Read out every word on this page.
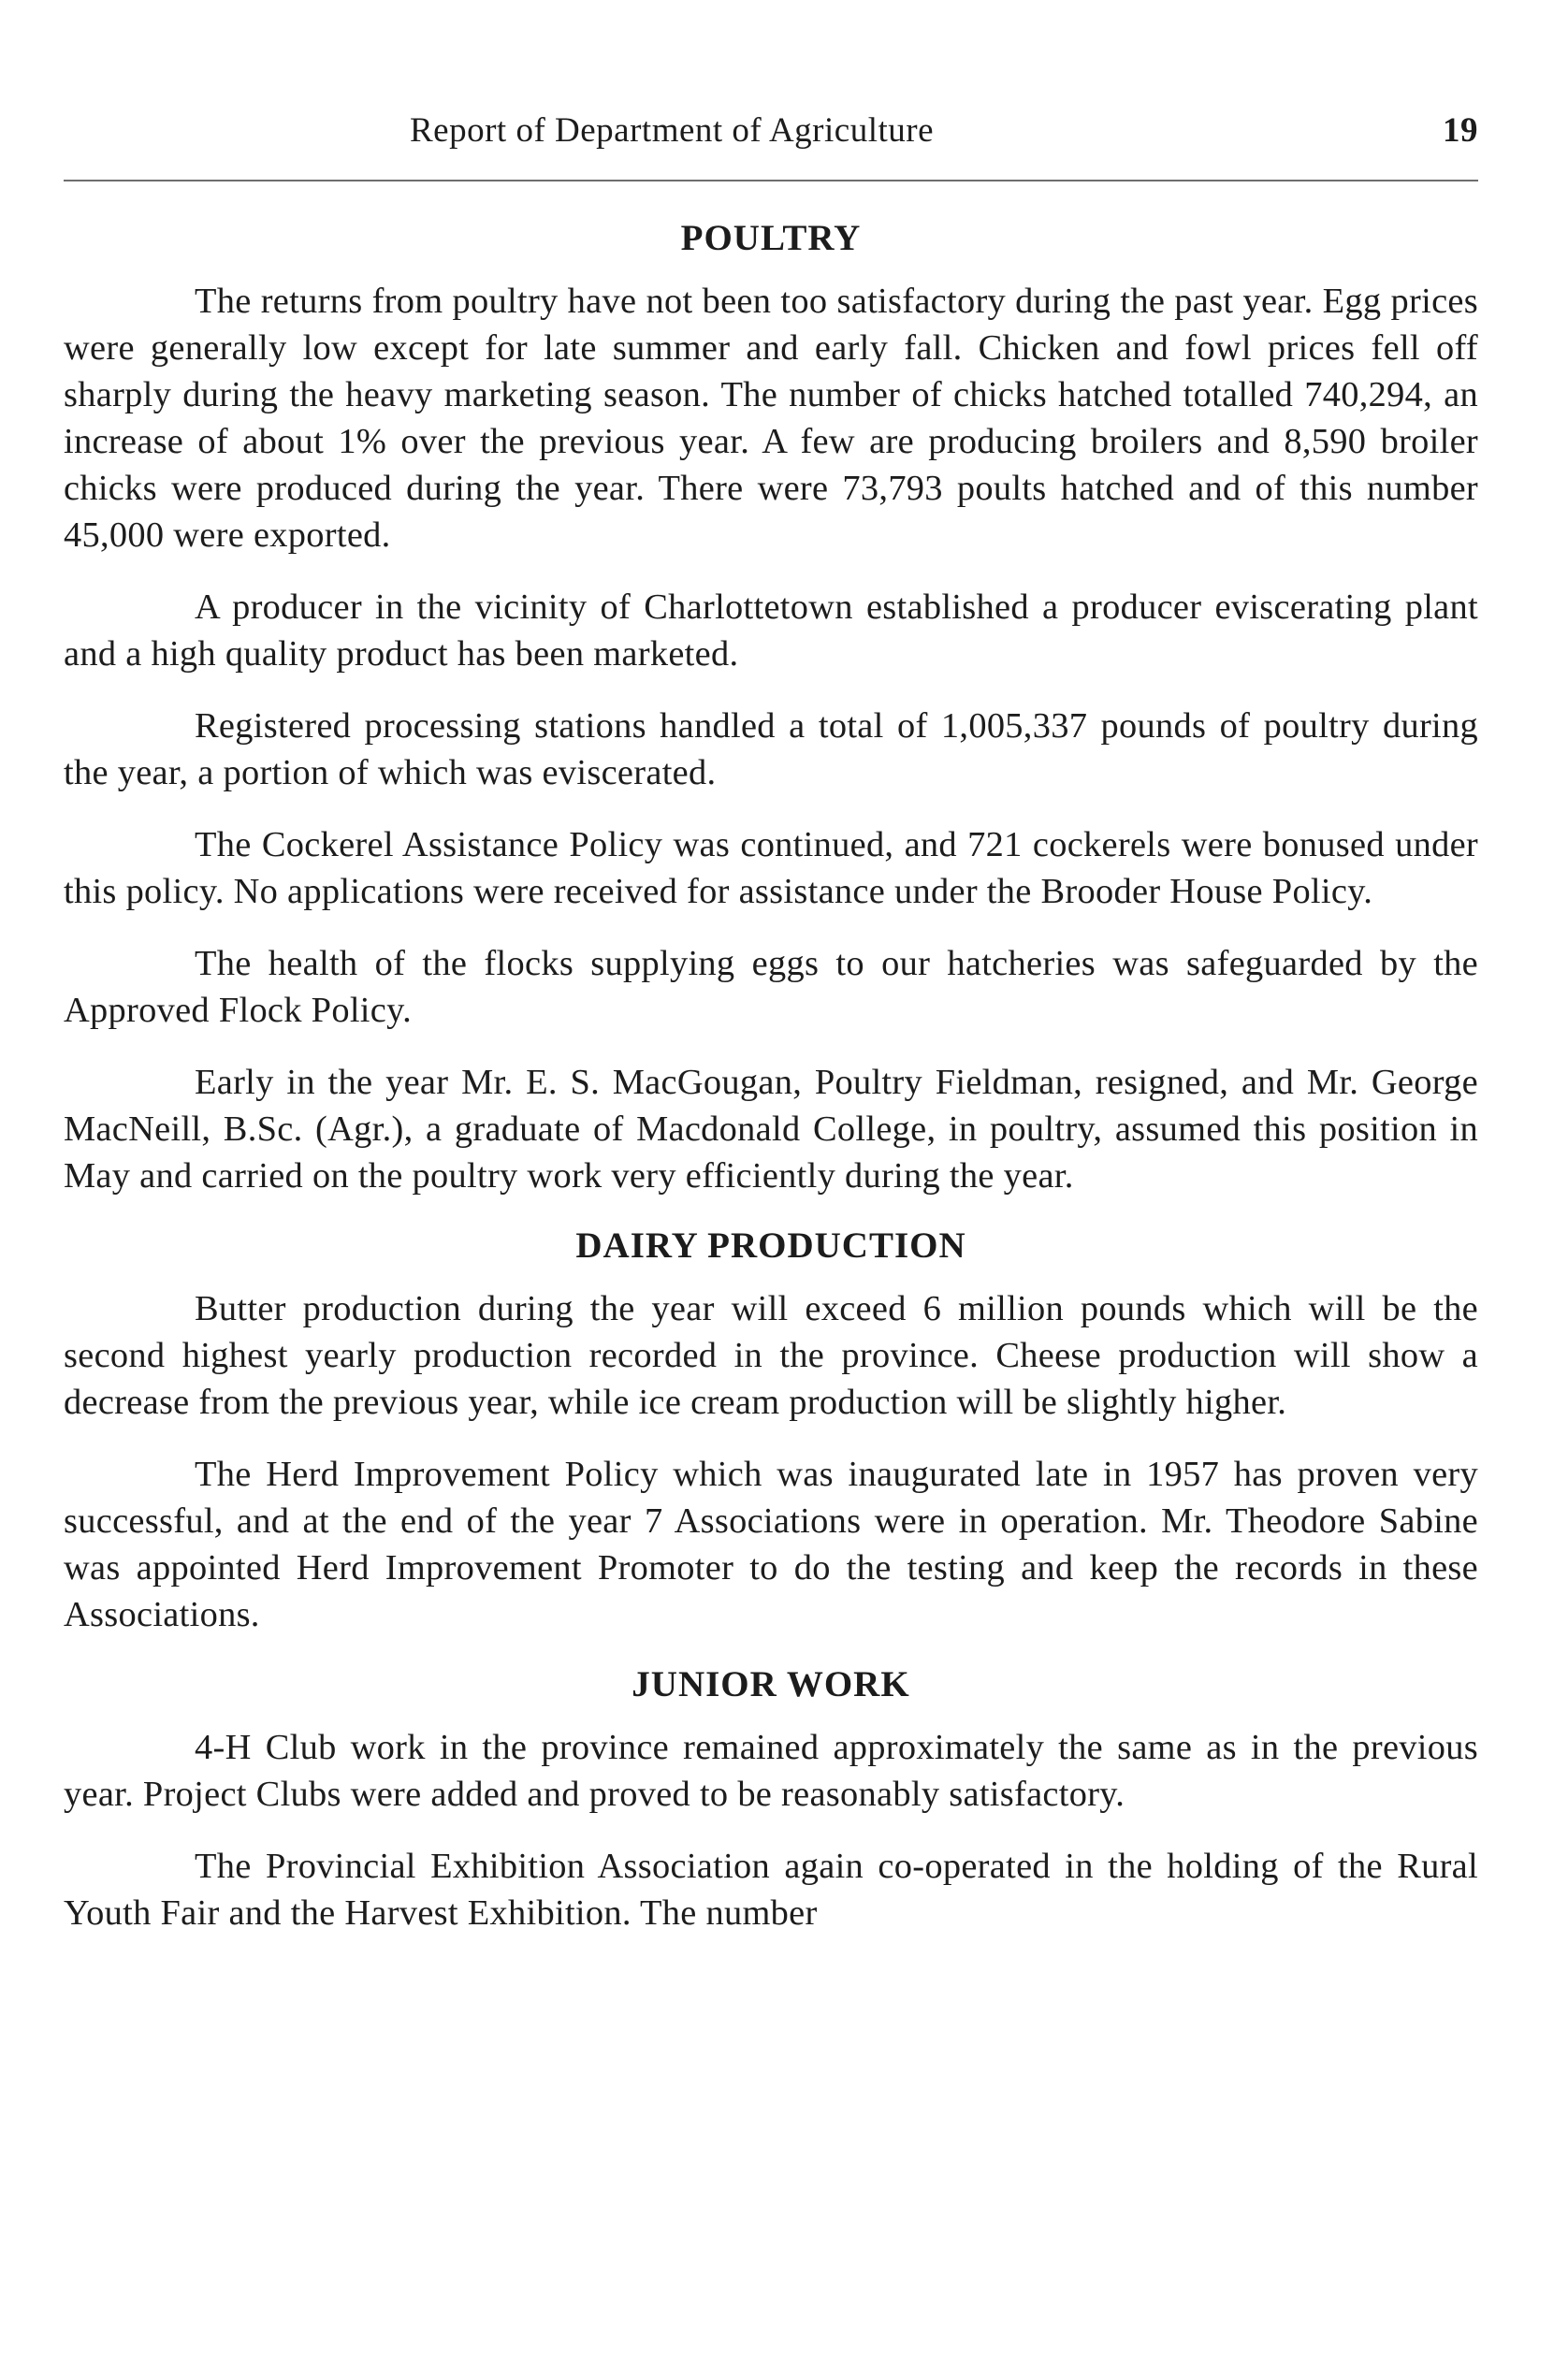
Report of Department of Agriculture	19
POULTRY

The returns from poultry have not been too satisfactory during the past year. Egg prices were generally low except for late summer and early fall. Chicken and fowl prices fell off sharply during the heavy marketing season. The number of chicks hatched totalled 740,294, an increase of about 1% over the previous year. A few are producing broilers and 8,590 broiler chicks were produced during the year. There were 73,793 poults hatched and of this number 45,000 were exported.

A producer in the vicinity of Charlottetown established a producer eviscerating plant and a high quality product has been marketed.

Registered processing stations handled a total of 1,005,337 pounds of poultry during the year, a portion of which was eviscerated.

The Cockerel Assistance Policy was continued, and 721 cockerels were bonused under this policy. No applications were received for assistance under the Brooder House Policy.

The health of the flocks supplying eggs to our hatcheries was safeguarded by the Approved Flock Policy.

Early in the year Mr. E. S. MacGougan, Poultry Fieldman, resigned, and Mr. George MacNeill, B.Sc. (Agr.), a graduate of Macdonald College, in poultry, assumed this position in May and carried on the poultry work very efficiently during the year.

DAIRY PRODUCTION

Butter production during the year will exceed 6 million pounds which will be the second highest yearly production recorded in the province. Cheese production will show a decrease from the previous year, while ice cream production will be slightly higher.

The Herd Improvement Policy which was inaugurated late in 1957 has proven very successful, and at the end of the year 7 Associations were in operation. Mr. Theodore Sabine was appointed Herd Improvement Promoter to do the testing and keep the records in these Associations.

JUNIOR WORK

4-H Club work in the province remained approximately the same as in the previous year. Project Clubs were added and proved to be reasonably satisfactory.

The Provincial Exhibition Association again co-operated in the holding of the Rural Youth Fair and the Harvest Exhibition. The number
